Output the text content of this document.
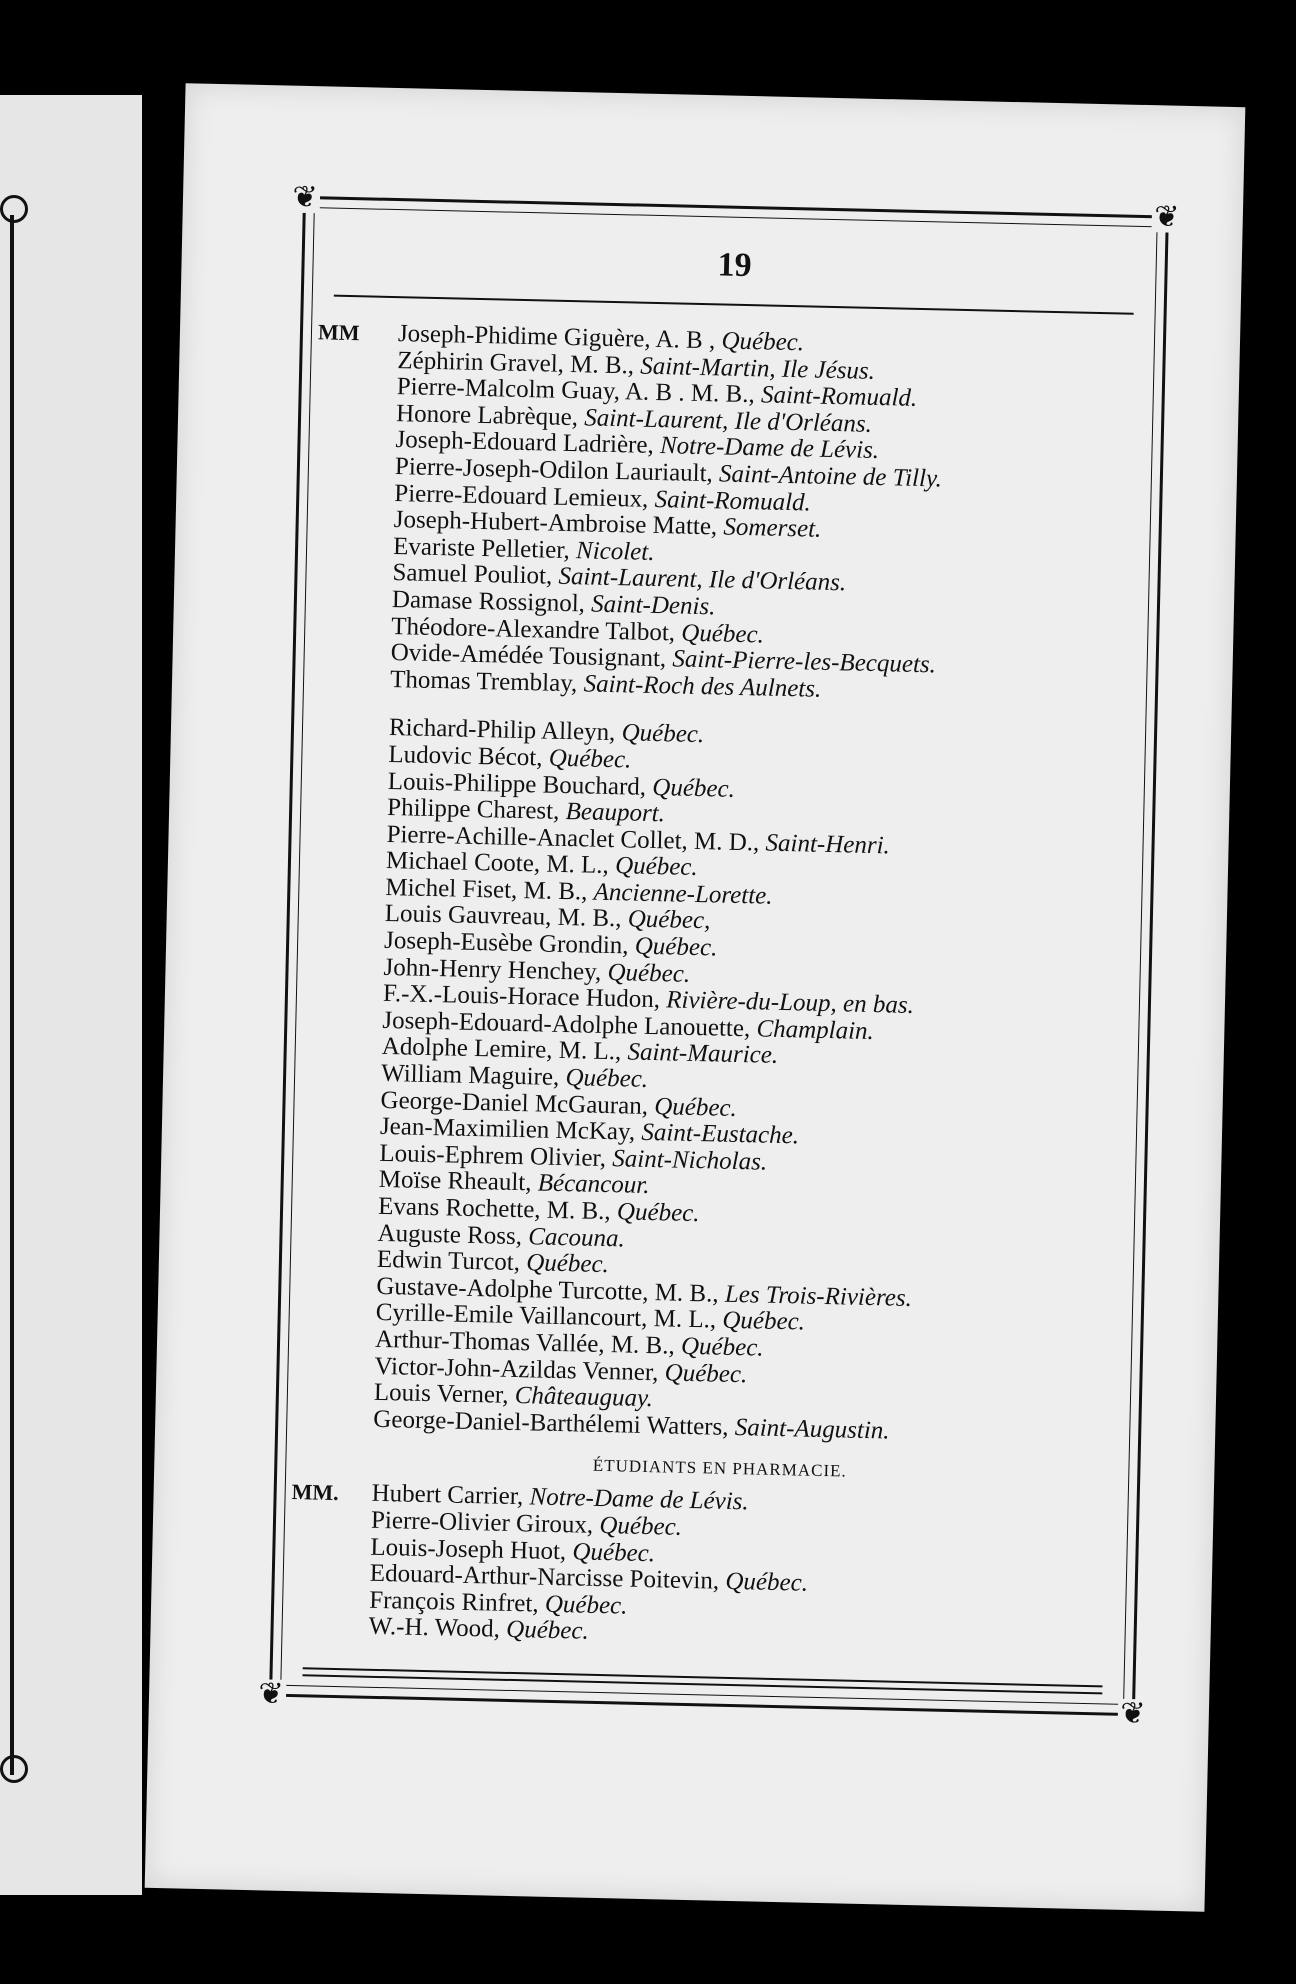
❦
❦
❦
❦
19
MM Joseph-Phidime Giguère, A. B , Québec.
Zéphirin Gravel, M. B., Saint-Martin, Ile Jésus.
Pierre-Malcolm Guay, A. B . M. B., Saint-Romuald.
Honore Labrèque, Saint-Laurent, Ile d'Orléans.
Joseph-Edouard Ladrière, Notre-Dame de Lévis.
Pierre-Joseph-Odilon Lauriault, Saint-Antoine de Tilly.
Pierre-Edouard Lemieux, Saint-Romuald.
Joseph-Hubert-Ambroise Matte, Somerset.
Evariste Pelletier, Nicolet.
Samuel Pouliot, Saint-Laurent, Ile d'Orléans.
Damase Rossignol, Saint-Denis.
Théodore-Alexandre Talbot, Québec.
Ovide-Amédée Tousignant, Saint-Pierre-les-Becquets.
Thomas Tremblay, Saint-Roch des Aulnets.
Richard-Philip Alleyn, Québec.
Ludovic Bécot, Québec.
Louis-Philippe Bouchard, Québec.
Philippe Charest, Beauport.
Pierre-Achille-Anaclet Collet, M. D., Saint-Henri.
Michael Coote, M. L., Québec.
Michel Fiset, M. B., Ancienne-Lorette.
Louis Gauvreau, M. B., Québec,
Joseph-Eusèbe Grondin, Québec.
John-Henry Henchey, Québec.
F.-X.-Louis-Horace Hudon, Rivière-du-Loup, en bas.
Joseph-Edouard-Adolphe Lanouette, Champlain.
Adolphe Lemire, M. L., Saint-Maurice.
William Maguire, Québec.
George-Daniel McGauran, Québec.
Jean-Maximilien McKay, Saint-Eustache.
Louis-Ephrem Olivier, Saint-Nicholas.
Moïse Rheault, Bécancour.
Evans Rochette, M. B., Québec.
Auguste Ross, Cacouna.
Edwin Turcot, Québec.
Gustave-Adolphe Turcotte, M. B., Les Trois-Rivières.
Cyrille-Emile Vaillancourt, M. L., Québec.
Arthur-Thomas Vallée, M. B., Québec.
Victor-John-Azildas Venner, Québec.
Louis Verner, Châteauguay.
George-Daniel-Barthélemi Watters, Saint-Augustin.
ÉTUDIANTS EN PHARMACIE.
MM. Hubert Carrier, Notre-Dame de Lévis.
Pierre-Olivier Giroux, Québec.
Louis-Joseph Huot, Québec.
Edouard-Arthur-Narcisse Poitevin, Québec.
François Rinfret, Québec.
W.-H. Wood, Québec.
